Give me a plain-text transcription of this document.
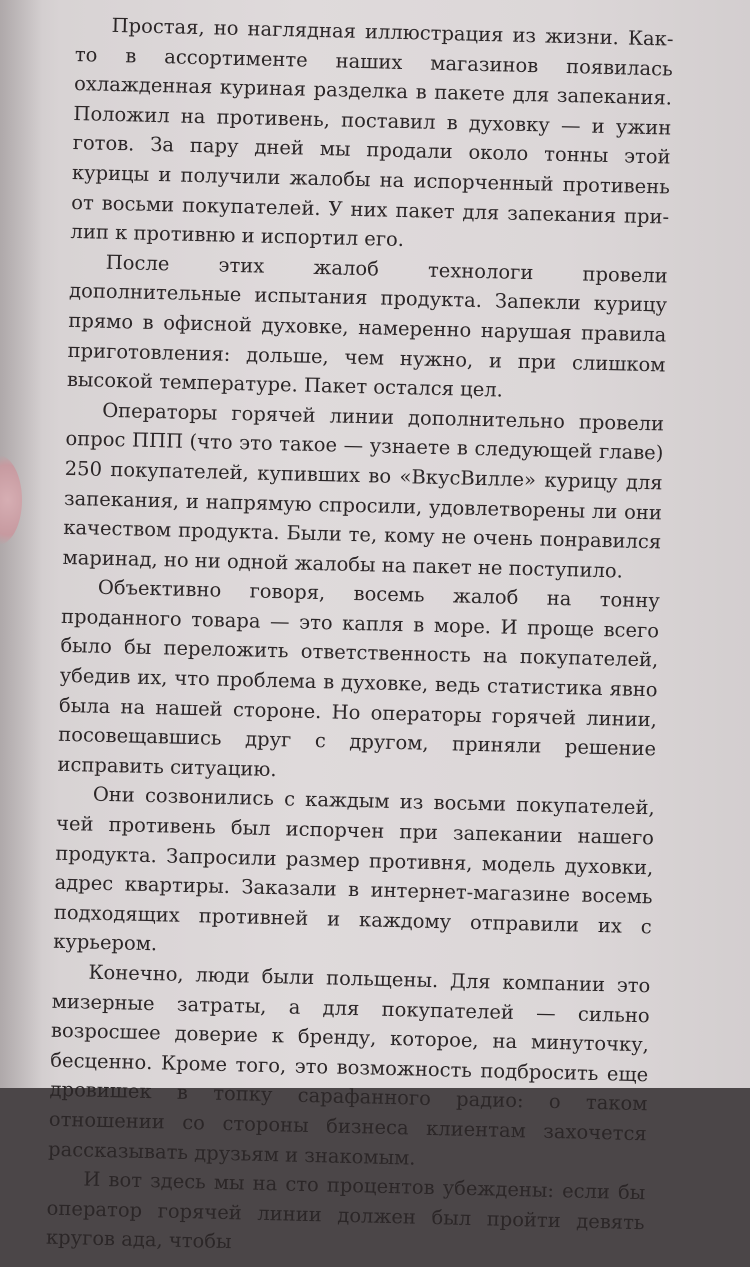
Простая, но наглядная иллюстрация из жизни. Как-то в ассортименте наших магазинов появилась охлажденная куриная разделка в пакете для запекания. Положил на противень, поставил в духовку — и ужин готов. За пару дней мы продали около тонны этой курицы и получили жалобы на испорченный противень от восьми покупателей. У них пакет для запекания прилип к противню и испортил его.

После этих жалоб технологи провели дополнительные испытания продукта. Запекли курицу прямо в офисной духовке, намеренно нарушая правила приготовления: дольше, чем нужно, и при слишком высокой температуре. Пакет остался цел.

Операторы горячей линии дополнительно провели опрос ППП (что это такое — узнаете в следующей главе) 250 покупателей, купивших во «ВкусВилле» курицу для запекания, и напрямую спросили, удовлетворены ли они качеством продукта. Были те, кому не очень понравился маринад, но ни одной жалобы на пакет не поступило.

Объективно говоря, восемь жалоб на тонну проданного товара — это капля в море. И проще всего было бы переложить ответственность на покупателей, убедив их, что проблема в духовке, ведь статистика явно была на нашей стороне. Но операторы горячей линии, посовещавшись друг с другом, приняли решение исправить ситуацию.

Они созвонились с каждым из восьми покупателей, чей противень был испорчен при запекании нашего продукта. Запросили размер противня, модель духовки, адрес квартиры. Заказали в интернет-магазине восемь подходящих противней и каждому отправили их с курьером.

Конечно, люди были польщены. Для компании это мизерные затраты, а для покупателей — сильно возросшее доверие к бренду, которое, на минуточку, бесценно. Кроме того, это возможность подбросить еще дровишек в топку сарафанного радио: о таком отношении со стороны бизнеса клиентам захочется рассказывать друзьям и знакомым.

И вот здесь мы на сто процентов убеждены: если бы оператор горячей линии должен был пройти девять кругов ада, чтобы
